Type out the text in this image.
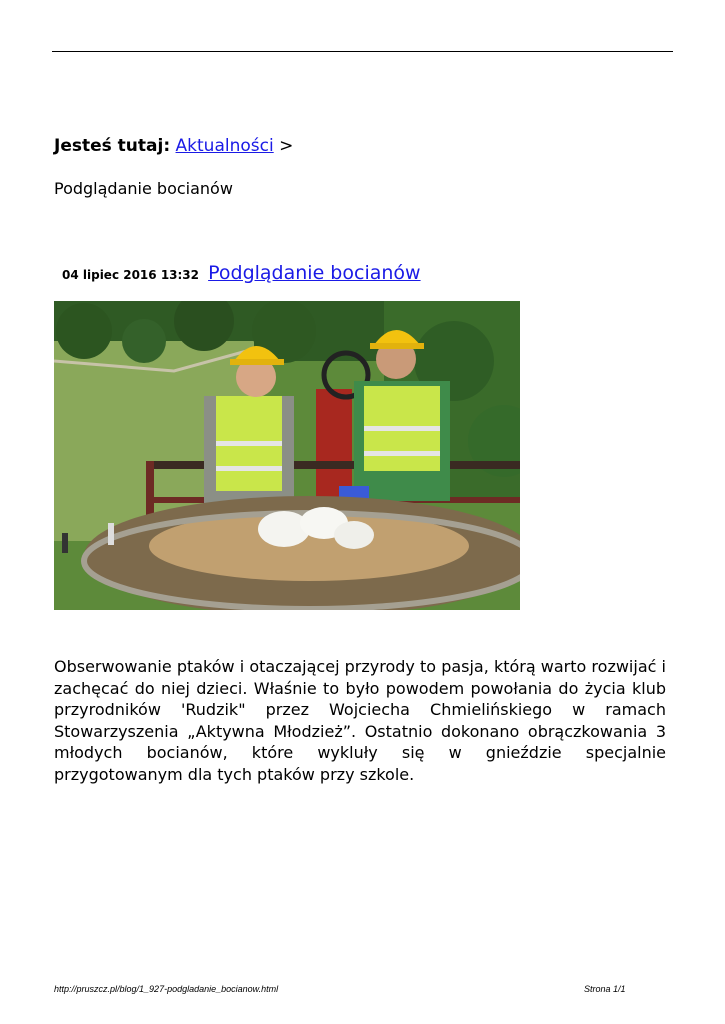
Jesteś tutaj: Aktualności >
Podglądanie bocianów
04 lipiec 2016 13:32 Podglądanie bocianów
Obserwowanie ptaków i otaczającej przyrody to pasja, którą warto rozwijać i zachęcać do niej dzieci. Właśnie to było powodem powołania do życia klub przyrodników 'Rudzik" przez Wojciecha Chmielińskiego w ramach Stowarzyszenia „Aktywna Młodzież”. Ostatnio dokonano obrączkowania 3 młodych bocianów, które wykluły się w gnieździe specjalnie przygotowanym dla tych ptaków przy szkole.
http://pruszcz.pl/blog/1_927-podgladanie_bocianow.html	Strona 1/1
